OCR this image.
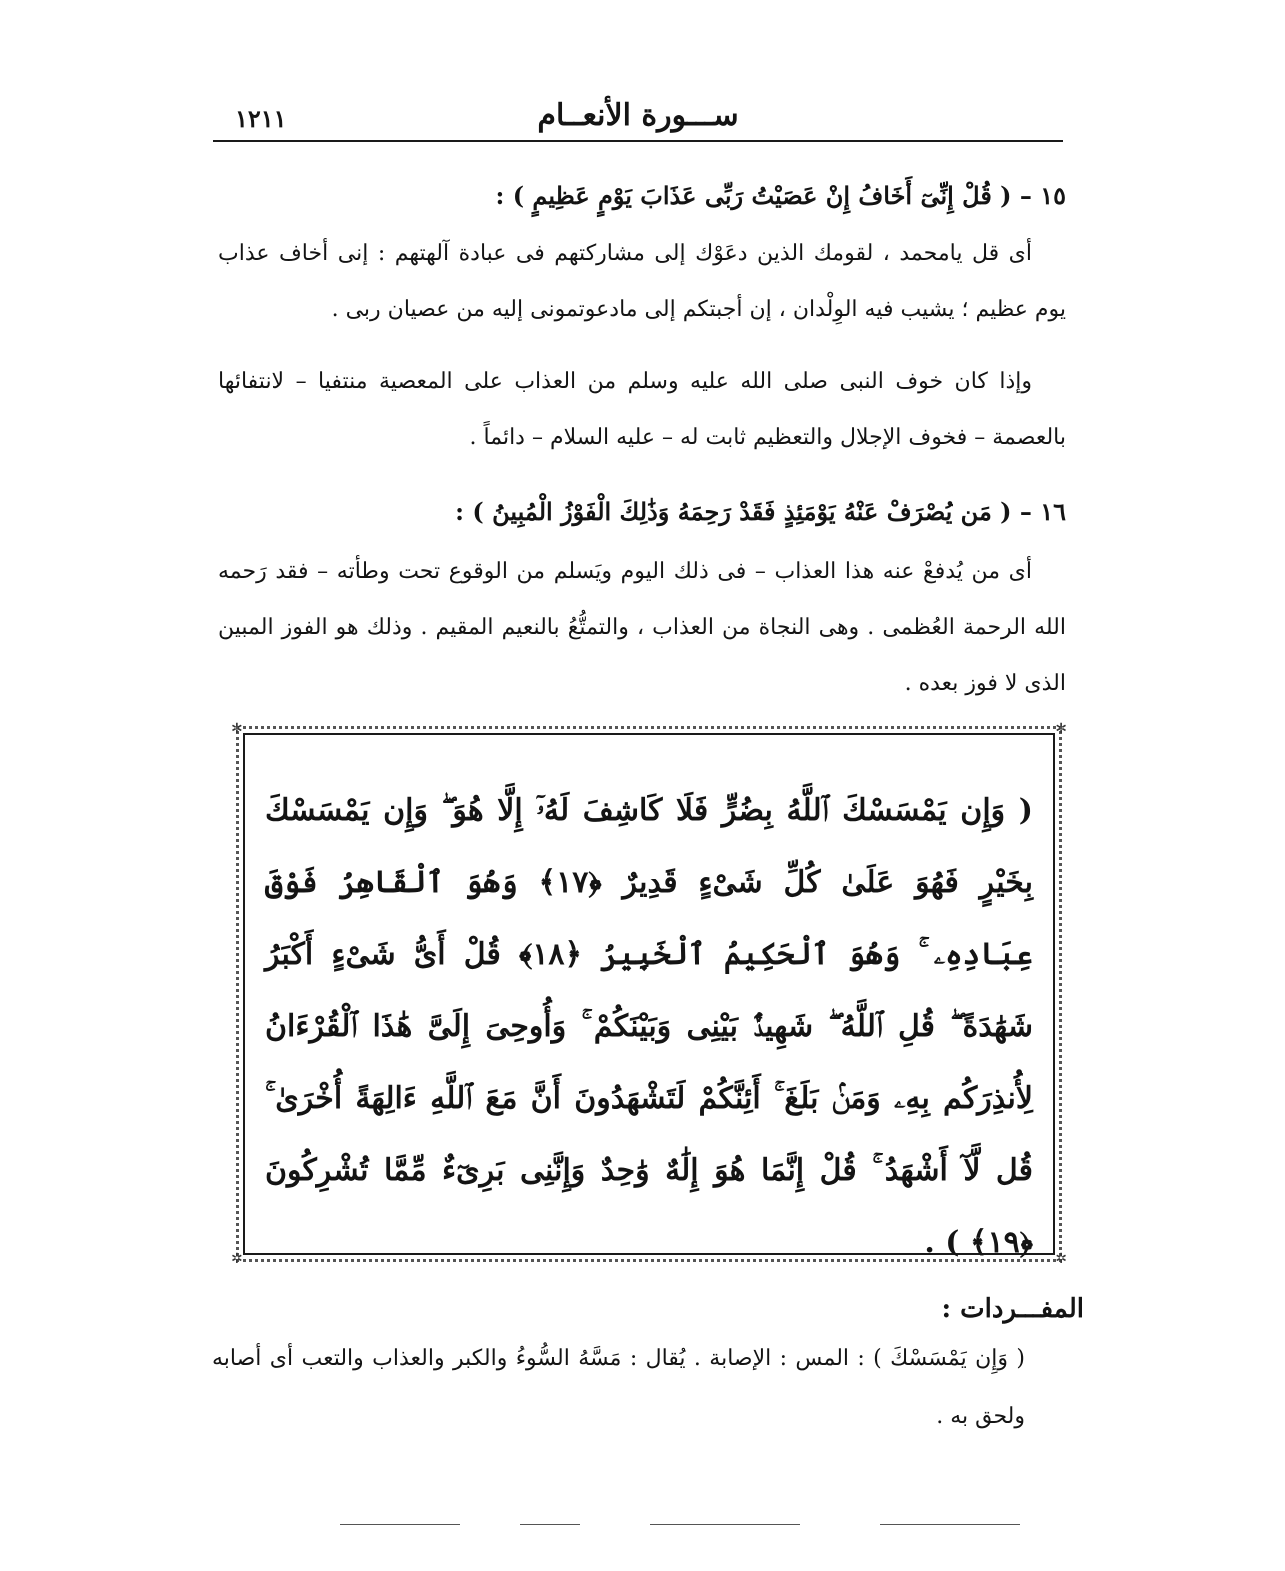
ســـورة الأنعــام
١٢١١
١٥ – ( قُلْ إِنِّىٓ أَخَافُ إِنْ عَصَيْتُ رَبِّى عَذَابَ يَوْمٍ عَظِيمٍ ) :
أى قل يامحمد ، لقومك الذين دعَوْك إلى مشاركتهم فى عبادة آلهتهم : إنى أخاف عذاب يوم عظيم ؛ يشيب فيه الوِلْدان ، إن أجبتكم إلى مادعوتمونى إليه من عصيان ربى .
وإذا كان خوف النبى صلى الله عليه وسلم من العذاب على المعصية منتفيا – لانتفائها بالعصمة – فخوف الإجلال والتعظيم ثابت له – عليه السلام – دائماً .
١٦ – ( مَن يُصْرَفْ عَنْهُ يَوْمَئِذٍ فَقَدْ رَحِمَهُ وَذَٰلِكَ الْفَوْزُ الْمُبِينُ ) :
أى من يُدفعْ عنه هذا العذاب – فى ذلك اليوم ويَسلم من الوقوع تحت وطأته – فقد رَحمه الله الرحمة العُظمى . وهى النجاة من العذاب ، والتمتُّعُ بالنعيم المقيم . وذلك هو الفوز المبين الذى لا فوز بعده .
✲	✲
✲	✲
( وَإِن يَمْسَسْكَ ٱللَّهُ بِضُرٍّ فَلَا كَاشِفَ لَهُۥٓ إِلَّا هُوَ ۖ وَإِن يَمْسَسْكَ بِخَيْرٍ فَهُوَ عَلَىٰ كُلِّ شَىْءٍ قَدِيرٌ ﴿١٧﴾ وَهُوَ ٱلْقَاهِرُ فَوْقَ عِبَادِهِۦ ۚ وَهُوَ ٱلْحَكِيمُ ٱلْخَبِيرُ ﴿١٨﴾ قُلْ أَىُّ شَىْءٍ أَكْبَرُ شَهَٰدَةً ۖ قُلِ ٱللَّهُ ۖ شَهِيدٌۢ بَيْنِى وَبَيْنَكُمْ ۚ وَأُوحِىَ إِلَىَّ هَٰذَا ٱلْقُرْءَانُ لِأُنذِرَكُم بِهِۦ وَمَنۢ بَلَغَ ۚ أَئِنَّكُمْ لَتَشْهَدُونَ أَنَّ مَعَ ٱللَّهِ ءَالِهَةً أُخْرَىٰ ۚ قُل لَّآ أَشْهَدُ ۚ قُلْ إِنَّمَا هُوَ إِلَٰهٌ وَٰحِدٌ وَإِنَّنِى بَرِىٓءٌ مِّمَّا تُشْرِكُونَ ﴿١٩﴾ ) .
المفـــردات :
( وَإِن يَمْسَسْكَ ) : المس : الإصابة . يُقال : مَسَّهُ السُّوءُ والكبر والعذاب والتعب أى أصابه ولحق به .
